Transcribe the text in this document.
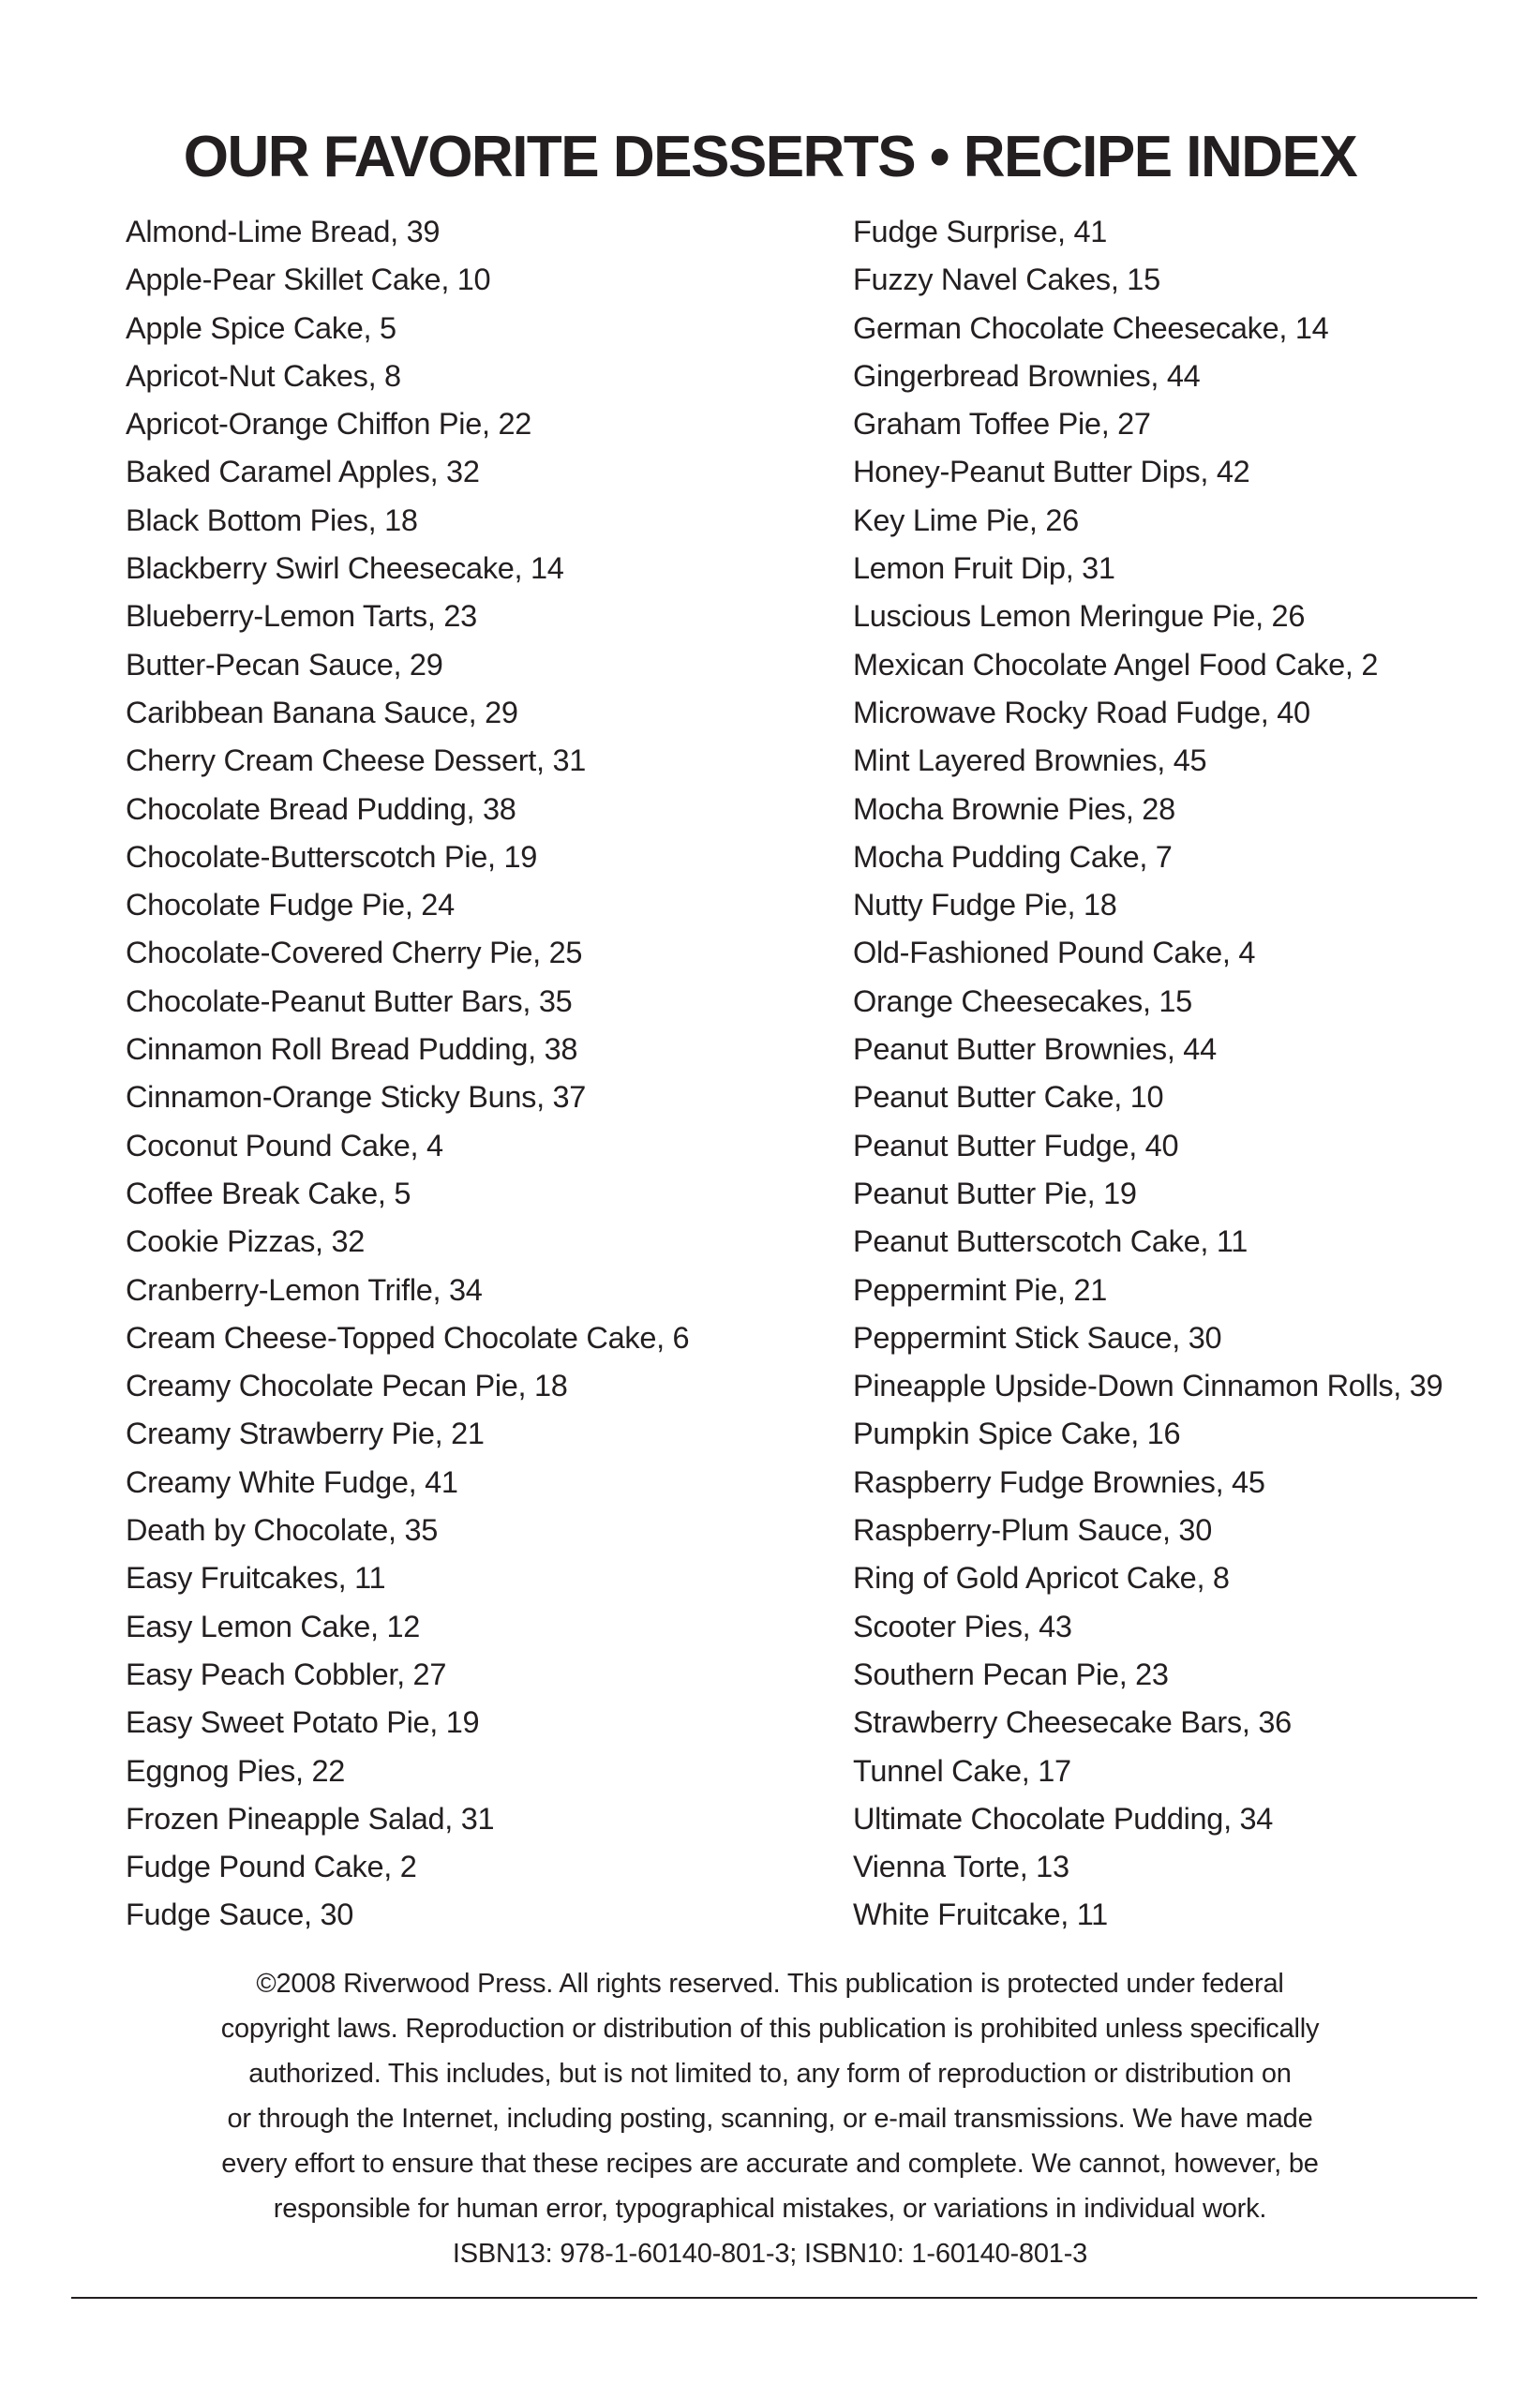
OUR FAVORITE DESSERTS • RECIPE INDEX
Almond-Lime Bread, 39
Apple-Pear Skillet Cake, 10
Apple Spice Cake, 5
Apricot-Nut Cakes, 8
Apricot-Orange Chiffon Pie, 22
Baked Caramel Apples, 32
Black Bottom Pies, 18
Blackberry Swirl Cheesecake, 14
Blueberry-Lemon Tarts, 23
Butter-Pecan Sauce, 29
Caribbean Banana Sauce, 29
Cherry Cream Cheese Dessert, 31
Chocolate Bread Pudding, 38
Chocolate-Butterscotch Pie, 19
Chocolate Fudge Pie, 24
Chocolate-Covered Cherry Pie, 25
Chocolate-Peanut Butter Bars, 35
Cinnamon Roll Bread Pudding, 38
Cinnamon-Orange Sticky Buns, 37
Coconut Pound Cake, 4
Coffee Break Cake, 5
Cookie Pizzas, 32
Cranberry-Lemon Trifle, 34
Cream Cheese-Topped Chocolate Cake, 6
Creamy Chocolate Pecan Pie, 18
Creamy Strawberry Pie, 21
Creamy White Fudge, 41
Death by Chocolate, 35
Easy Fruitcakes, 11
Easy Lemon Cake, 12
Easy Peach Cobbler, 27
Easy Sweet Potato Pie, 19
Eggnog Pies, 22
Frozen Pineapple Salad, 31
Fudge Pound Cake, 2
Fudge Sauce, 30
Fudge Surprise, 41
Fuzzy Navel Cakes, 15
German Chocolate Cheesecake, 14
Gingerbread Brownies, 44
Graham Toffee Pie, 27
Honey-Peanut Butter Dips, 42
Key Lime Pie, 26
Lemon Fruit Dip, 31
Luscious Lemon Meringue Pie, 26
Mexican Chocolate Angel Food Cake, 2
Microwave Rocky Road Fudge, 40
Mint Layered Brownies, 45
Mocha Brownie Pies, 28
Mocha Pudding Cake, 7
Nutty Fudge Pie, 18
Old-Fashioned Pound Cake, 4
Orange Cheesecakes, 15
Peanut Butter Brownies, 44
Peanut Butter Cake, 10
Peanut Butter Fudge, 40
Peanut Butter Pie, 19
Peanut Butterscotch Cake, 11
Peppermint Pie, 21
Peppermint Stick Sauce, 30
Pineapple Upside-Down Cinnamon Rolls, 39
Pumpkin Spice Cake, 16
Raspberry Fudge Brownies, 45
Raspberry-Plum Sauce, 30
Ring of Gold Apricot Cake, 8
Scooter Pies, 43
Southern Pecan Pie, 23
Strawberry Cheesecake Bars, 36
Tunnel Cake, 17
Ultimate Chocolate Pudding, 34
Vienna Torte, 13
White Fruitcake, 11

©2008 Riverwood Press. All rights reserved. This publication is protected under federal
copyright laws. Reproduction or distribution of this publication is prohibited unless specifically
authorized. This includes, but is not limited to, any form of reproduction or distribution on
or through the Internet, including posting, scanning, or e-mail transmissions. We have made
every effort to ensure that these recipes are accurate and complete. We cannot, however, be
responsible for human error, typographical mistakes, or variations in individual work.
ISBN13: 978-1-60140-801-3; ISBN10: 1-60140-801-3
